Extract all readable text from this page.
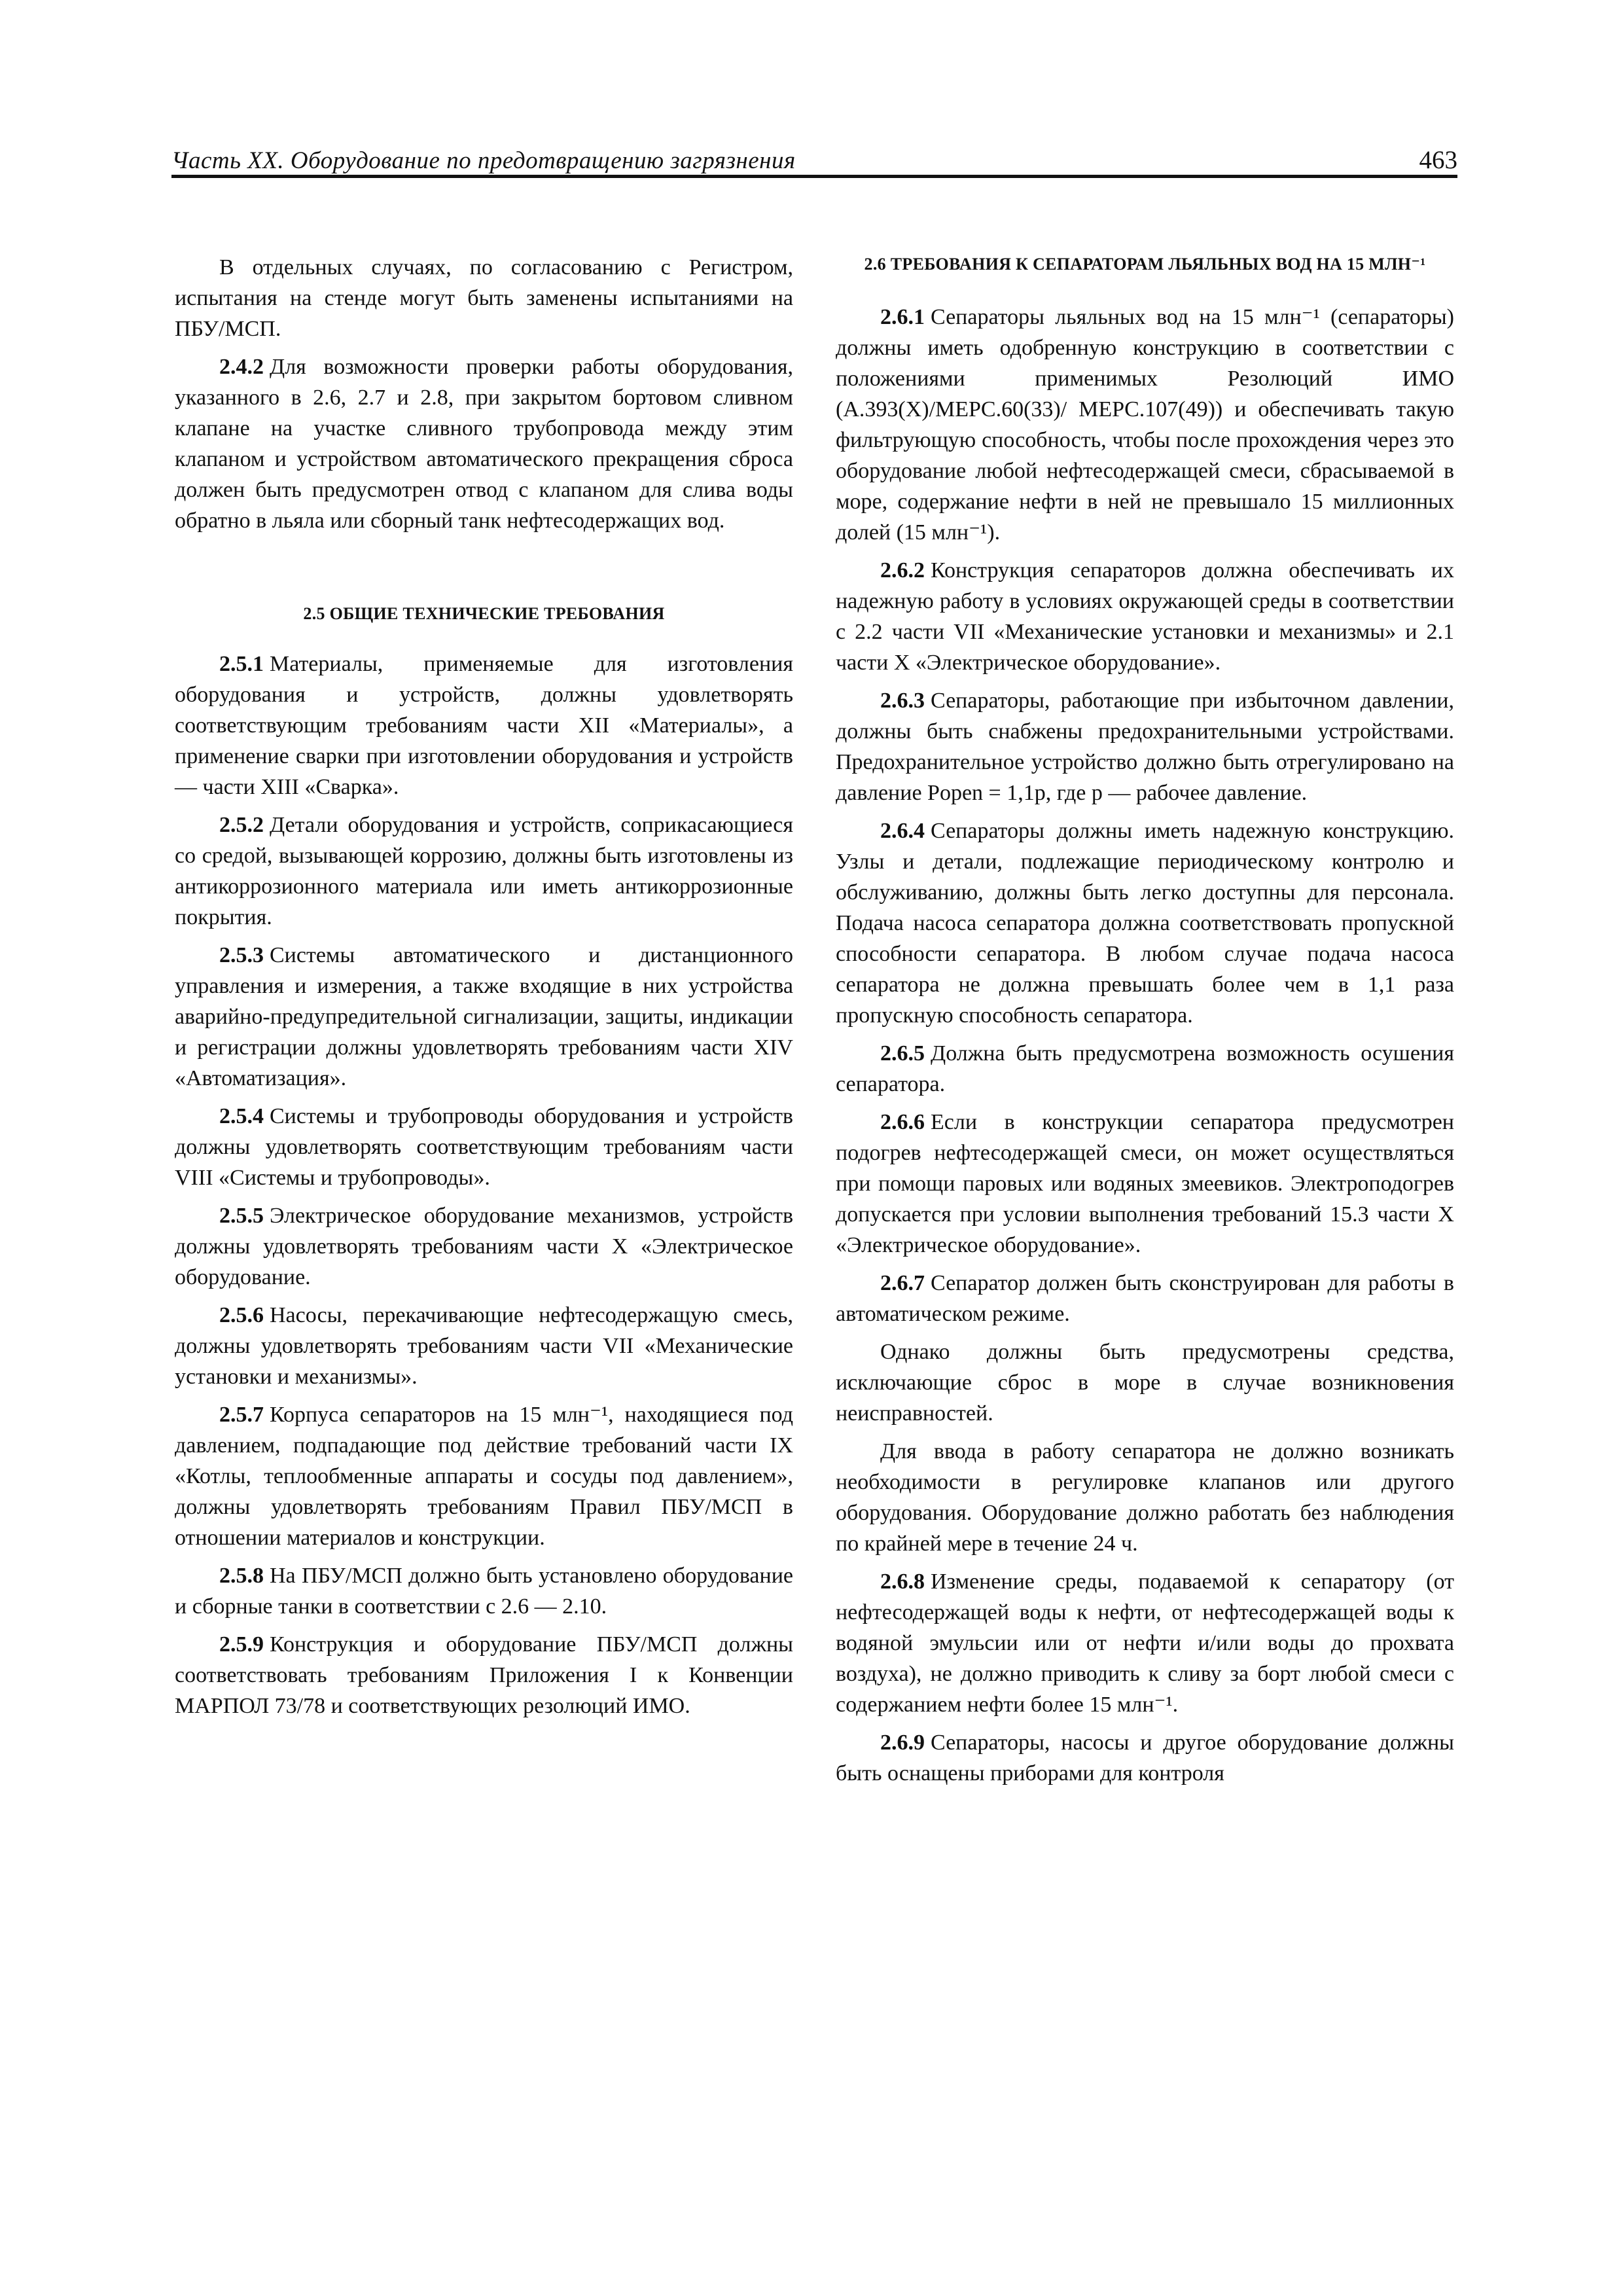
Часть XX. Оборудование по предотвращению загрязнения	463

В отдельных случаях, по согласованию с Регистром, испытания на стенде могут быть заменены испытаниями на ПБУ/МСП.

2.4.2 Для возможности проверки работы оборудования, указанного в 2.6, 2.7 и 2.8, при закрытом бортовом сливном клапане на участке сливного трубопровода между этим клапаном и устройством автоматического прекращения сброса должен быть предусмотрен отвод с клапаном для слива воды обратно в льяла или сборный танк нефтесодержащих вод.

2.5 ОБЩИЕ ТЕХНИЧЕСКИЕ ТРЕБОВАНИЯ

2.5.1 Материалы, применяемые для изготовления оборудования и устройств, должны удовлетворять соответствующим требованиям части XII «Материалы», а применение сварки при изготовлении оборудования и устройств — части XIII «Сварка».

2.5.2 Детали оборудования и устройств, соприкасающиеся со средой, вызывающей коррозию, должны быть изготовлены из антикоррозионного материала или иметь антикоррозионные покрытия.

2.5.3 Системы автоматического и дистанционного управления и измерения, а также входящие в них устройства аварийно-предупредительной сигнализации, защиты, индикации и регистрации должны удовлетворять требованиям части XIV «Автоматизация».

2.5.4 Системы и трубопроводы оборудования и устройств должны удовлетворять соответствующим требованиям части VIII «Системы и трубопроводы».

2.5.5 Электрическое оборудование механизмов, устройств должны удовлетворять требованиям части X «Электрическое оборудование.

2.5.6 Насосы, перекачивающие нефтесодержащую смесь, должны удовлетворять требованиям части VII «Механические установки и механизмы».

2.5.7 Корпуса сепараторов на 15 млн⁻¹, находящиеся под давлением, подпадающие под действие требований части IX «Котлы, теплообменные аппараты и сосуды под давлением», должны удовлетворять требованиям Правил ПБУ/МСП в отношении материалов и конструкции.

2.5.8 На ПБУ/МСП должно быть установлено оборудование и сборные танки в соответствии с 2.6 — 2.10.

2.5.9 Конструкция и оборудование ПБУ/МСП должны соответствовать требованиям Приложения I к Конвенции МАРПОЛ 73/78 и соответствующих резолюций ИМО.

2.6 ТРЕБОВАНИЯ К СЕПАРАТОРАМ ЛЬЯЛЬНЫХ ВОД НА 15 МЛН⁻¹

2.6.1 Сепараторы льяльных вод на 15 млн⁻¹ (сепараторы) должны иметь одобренную конструкцию в соответствии с положениями применимых Резолюций ИМО (A.393(X)/MEPC.60(33)/ MEPC.107(49)) и обеспечивать такую фильтрующую способность, чтобы после прохождения через это оборудование любой нефтесодержащей смеси, сбрасываемой в море, содержание нефти в ней не превышало 15 миллионных долей (15 млн⁻¹).

2.6.2 Конструкция сепараторов должна обеспечивать их надежную работу в условиях окружающей среды в соответствии с 2.2 части VII «Механические установки и механизмы» и 2.1 части X «Электрическое оборудование».

2.6.3 Сепараторы, работающие при избыточном давлении, должны быть снабжены предохранительными устройствами. Предохранительное устройство должно быть отрегулировано на давление Popen = 1,1p, где p — рабочее давление.

2.6.4 Сепараторы должны иметь надежную конструкцию. Узлы и детали, подлежащие периодическому контролю и обслуживанию, должны быть легко доступны для персонала. Подача насоса сепаратора должна соответствовать пропускной способности сепаратора. В любом случае подача насоса сепаратора не должна превышать более чем в 1,1 раза пропускную способность сепаратора.

2.6.5 Должна быть предусмотрена возможность осушения сепаратора.

2.6.6 Если в конструкции сепаратора предусмотрен подогрев нефтесодержащей смеси, он может осуществляться при помощи паровых или водяных змеевиков. Электроподогрев допускается при условии выполнения требований 15.3 части X «Электрическое оборудование».

2.6.7 Сепаратор должен быть сконструирован для работы в автоматическом режиме.

Однако должны быть предусмотрены средства, исключающие сброс в море в случае возникновения неисправностей.

Для ввода в работу сепаратора не должно возникать необходимости в регулировке клапанов или другого оборудования. Оборудование должно работать без наблюдения по крайней мере в течение 24 ч.

2.6.8 Изменение среды, подаваемой к сепаратору (от нефтесодержащей воды к нефти, от нефтесодержащей воды к водяной эмульсии или от нефти и/или воды до прохвата воздуха), не должно приводить к сливу за борт любой смеси с содержанием нефти более 15 млн⁻¹.

2.6.9 Сепараторы, насосы и другое оборудование должны быть оснащены приборами для контроля
